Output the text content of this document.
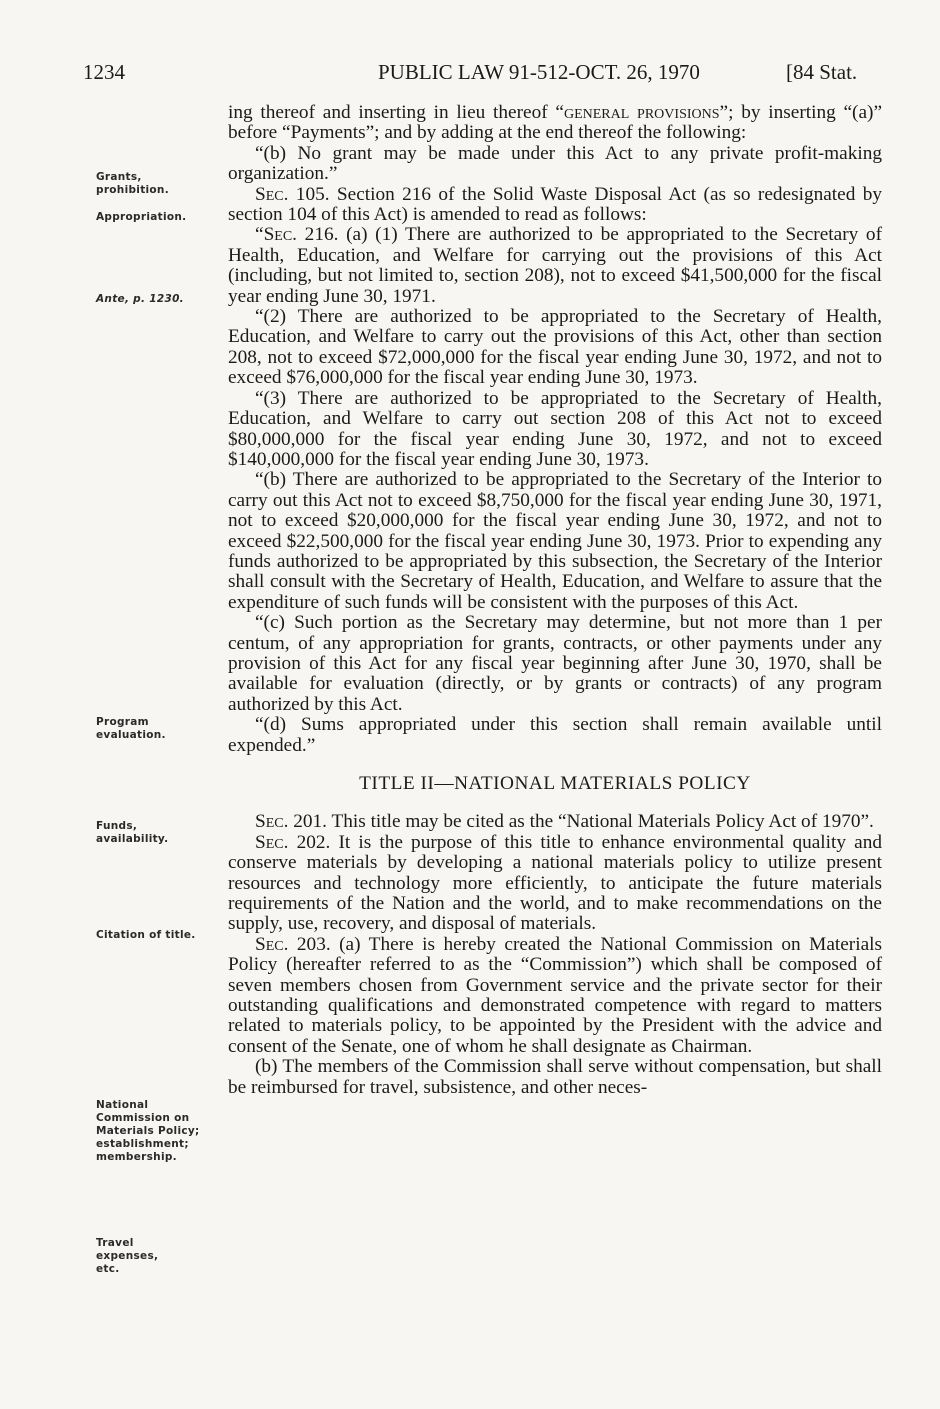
1234	PUBLIC LAW 91-512-OCT. 26, 1970	[84 Stat.
Grants, prohibition.
Appropriation.
Ante, p. 1230.
Program evaluation.
Funds, availability.
Citation of title.
National Commission on Materials Policy; establishment; membership.
Travel expenses, etc.

ing thereof and inserting in lieu thereof “general provisions”; by inserting “(a)” before “Payments”; and by adding at the end thereof the following:

“(b) No grant may be made under this Act to any private profit-making organization.”

Sec. 105. Section 216 of the Solid Waste Disposal Act (as so redesignated by section 104 of this Act) is amended to read as follows:

“Sec. 216. (a) (1) There are authorized to be appropriated to the Secretary of Health, Education, and Welfare for carrying out the provisions of this Act (including, but not limited to, section 208), not to exceed $41,500,000 for the fiscal year ending June 30, 1971.

“(2) There are authorized to be appropriated to the Secretary of Health, Education, and Welfare to carry out the provisions of this Act, other than section 208, not to exceed $72,000,000 for the fiscal year ending June 30, 1972, and not to exceed $76,000,000 for the fiscal year ending June 30, 1973.

“(3) There are authorized to be appropriated to the Secretary of Health, Education, and Welfare to carry out section 208 of this Act not to exceed $80,000,000 for the fiscal year ending June 30, 1972, and not to exceed $140,000,000 for the fiscal year ending June 30, 1973.

“(b) There are authorized to be appropriated to the Secretary of the Interior to carry out this Act not to exceed $8,750,000 for the fiscal year ending June 30, 1971, not to exceed $20,000,000 for the fiscal year ending June 30, 1972, and not to exceed $22,500,000 for the fiscal year ending June 30, 1973. Prior to expending any funds authorized to be appropriated by this subsection, the Secretary of the Interior shall consult with the Secretary of Health, Education, and Welfare to assure that the expenditure of such funds will be consistent with the purposes of this Act.

“(c) Such portion as the Secretary may determine, but not more than 1 per centum, of any appropriation for grants, contracts, or other payments under any provision of this Act for any fiscal year beginning after June 30, 1970, shall be available for evaluation (directly, or by grants or contracts) of any program authorized by this Act.

“(d) Sums appropriated under this section shall remain available until expended.”

TITLE II—NATIONAL MATERIALS POLICY

Sec. 201. This title may be cited as the “National Materials Policy Act of 1970”.

Sec. 202. It is the purpose of this title to enhance environmental quality and conserve materials by developing a national materials policy to utilize present resources and technology more efficiently, to anticipate the future materials requirements of the Nation and the world, and to make recommendations on the supply, use, recovery, and disposal of materials.

Sec. 203. (a) There is hereby created the National Commission on Materials Policy (hereafter referred to as the “Commission”) which shall be composed of seven members chosen from Government service and the private sector for their outstanding qualifications and demonstrated competence with regard to matters related to materials policy, to be appointed by the President with the advice and consent of the Senate, one of whom he shall designate as Chairman.

(b) The members of the Commission shall serve without compensation, but shall be reimbursed for travel, subsistence, and other neces-
